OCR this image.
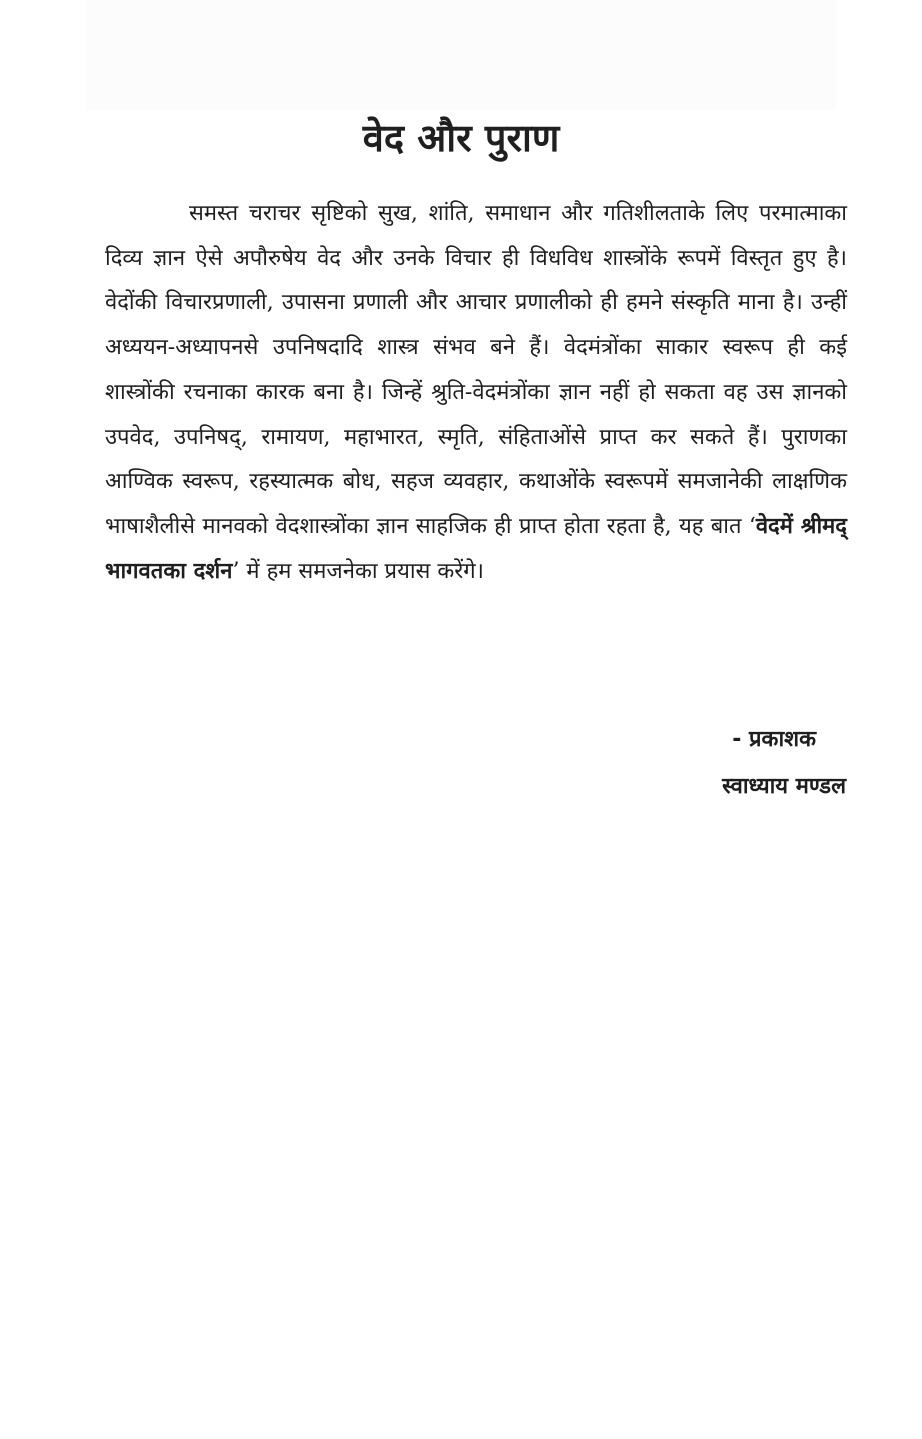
वेद और पुराण

समस्त चराचर सृष्टिको सुख, शांति, समाधान और गतिशीलताके लिए परमात्माका दिव्य ज्ञान ऐसे अपौरुषेय वेद और उनके विचार ही विधविध शास्त्रोंके रूपमें विस्तृत हुए है। वेदोंकी विचारप्रणाली, उपासना प्रणाली और आचार प्रणालीको ही हमने संस्कृति माना है। उन्हीं अध्ययन-अध्यापनसे उपनिषदादि शास्त्र संभव बने हैं। वेदमंत्रोंका साकार स्वरूप ही कई शास्त्रोंकी रचनाका कारक बना है। जिन्हें श्रुति-वेदमंत्रोंका ज्ञान नहीं हो सकता वह उस ज्ञानको उपवेद, उपनिषद्, रामायण, महाभारत, स्मृति, संहिताओंसे प्राप्त कर सकते हैं। पुराणका आण्विक स्वरूप, रहस्यात्मक बोध, सहज व्यवहार, कथाओंके स्वरूपमें समजानेकी लाक्षणिक भाषाशैलीसे मानवको वेदशास्त्रोंका ज्ञान साहजिक ही प्राप्त होता रहता है, यह बात ‘वेदमें श्रीमद् भागवतका दर्शन’ में हम समजनेका प्रयास करेंगे।

- प्रकाशक
स्वाध्याय मण्डल
